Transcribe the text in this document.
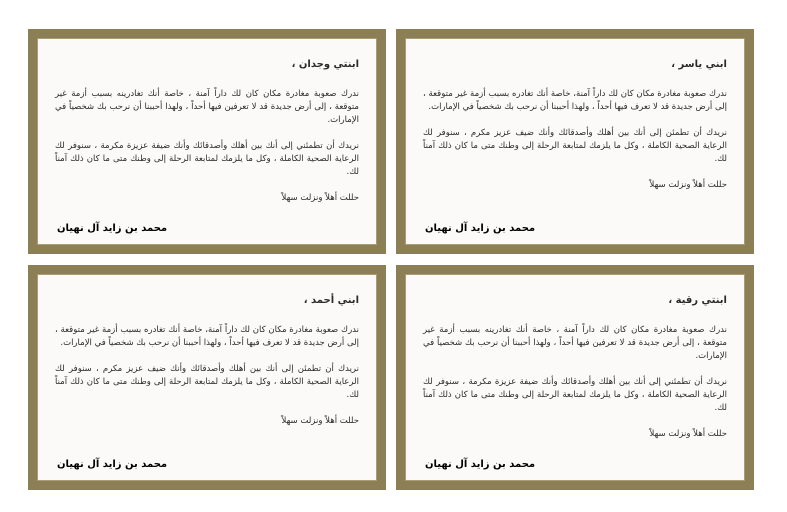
ابني ياسر ،

ندرك صعوبة مغادرة مكان كان لك داراً آمنة، خاصة أنك تغادره بسبب أزمة غير متوقعة ، إلى أرض جديدة قد لا تعرف فيها أحداً ، ولهذا أحببنا أن نرحب بك شخصياً في الإمارات.

نريدك أن تطمئن إلى أنك بين أهلك وأصدقائك وأنك ضيف عزيز مكرم ، سنوفر لك الرعاية الصحية الكاملة ، وكل ما يلزمك لمتابعة الرحلة إلى وطنك متى ما كان ذلك آمناً لك.

حللت أهلاً ونزلت سهلاً
محمد بن زايد آل نهيان
ابنتي وجدان ،

ندرك صعوبة مغادرة مكان كان لك داراً آمنة ، خاصة أنك تغادرينه بسبب أزمة غير متوقعة ، إلى أرض جديدة قد لا تعرفين فيها أحداً ، ولهذا أحببنا أن نرحب بك شخصياً في الإمارات.

نريدك أن تطمئني إلى أنك بين أهلك وأصدقائك وأنك ضيفة عزيزة مكرمة ، سنوفر لك الرعاية الصحية الكاملة ، وكل ما يلزمك لمتابعة الرحلة إلى وطنك متى ما كان ذلك آمناً لك.

حللت أهلاً ونزلت سهلاً
محمد بن زايد آل نهيان
ابنتي رقية ،

ندرك صعوبة مغادرة مكان كان لك داراً آمنة ، خاصة أنك تغادرينه بسبب أزمة غير متوقعة ، إلى أرض جديدة قد لا تعرفين فيها أحداً ، ولهذا أحببنا أن نرحب بك شخصياً في الإمارات.

نريدك أن تطمئني إلى أنك بين أهلك وأصدقائك وأنك ضيفة عزيزة مكرمة ، سنوفر لك الرعاية الصحية الكاملة ، وكل ما يلزمك لمتابعة الرحلة إلى وطنك متى ما كان ذلك آمناً لك.

حللت أهلاً ونزلت سهلاً
محمد بن زايد آل نهيان
ابني أحمد ،

ندرك صعوبة مغادرة مكان كان لك داراً آمنة، خاصة أنك تغادره بسبب أزمة غير متوقعة ، إلى أرض جديدة قد لا تعرف فيها أحداً ، ولهذا أحببنا أن نرحب بك شخصياً في الإمارات.

نريدك أن تطمئن إلى أنك بين أهلك وأصدقائك وأنك ضيف عزيز مكرم ، سنوفر لك الرعاية الصحية الكاملة ، وكل ما يلزمك لمتابعة الرحلة إلى وطنك متى ما كان ذلك آمناً لك.

حللت أهلاً ونزلت سهلاً
محمد بن زايد آل نهيان
